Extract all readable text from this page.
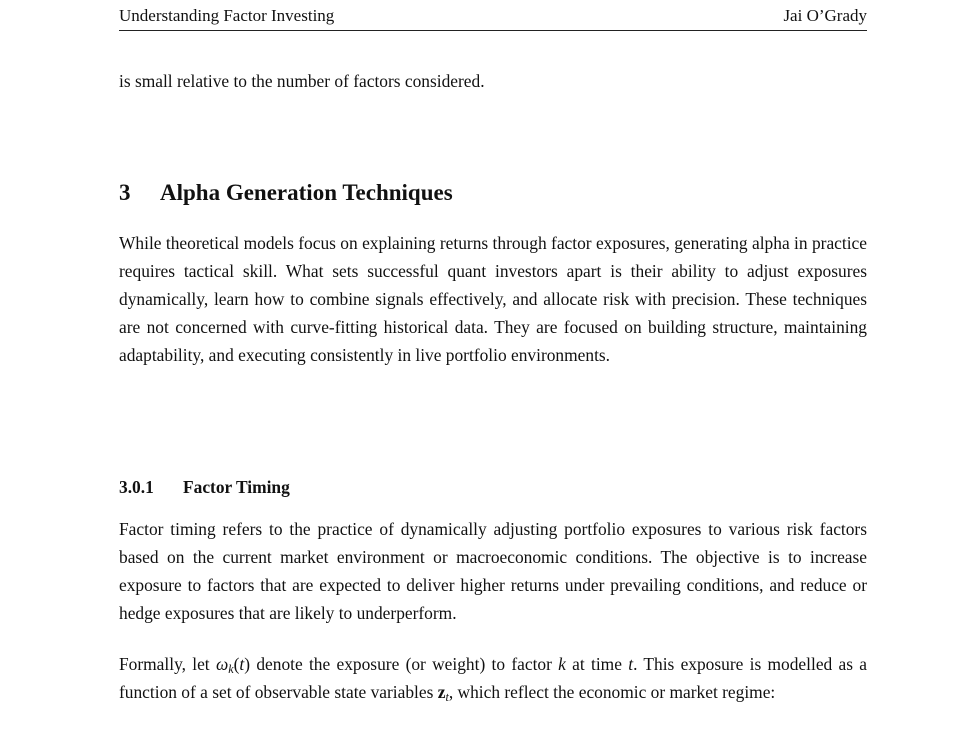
Understanding Factor Investing	Jai O’Grady

is small relative to the number of factors considered.

3	Alpha Generation Techniques

While theoretical models focus on explaining returns through factor exposures, generating alpha in practice requires tactical skill. What sets successful quant investors apart is their ability to adjust exposures dynamically, learn how to combine signals effectively, and allocate risk with precision. These techniques are not concerned with curve-fitting historical data. They are focused on building structure, maintaining adaptability, and executing consistently in live portfolio environments.

3.0.1	Factor Timing

Factor timing refers to the practice of dynamically adjusting portfolio exposures to various risk factors based on the current market environment or macroeconomic conditions. The objective is to increase exposure to factors that are expected to deliver higher returns under prevailing conditions, and reduce or hedge exposures that are likely to underperform.

Formally, let $\omega_k(t)$ denote the exposure (or weight) to factor k at time t. This exposure is modelled as a function of a set of observable state variables $z_t$, which reflect the economic or market regime:
